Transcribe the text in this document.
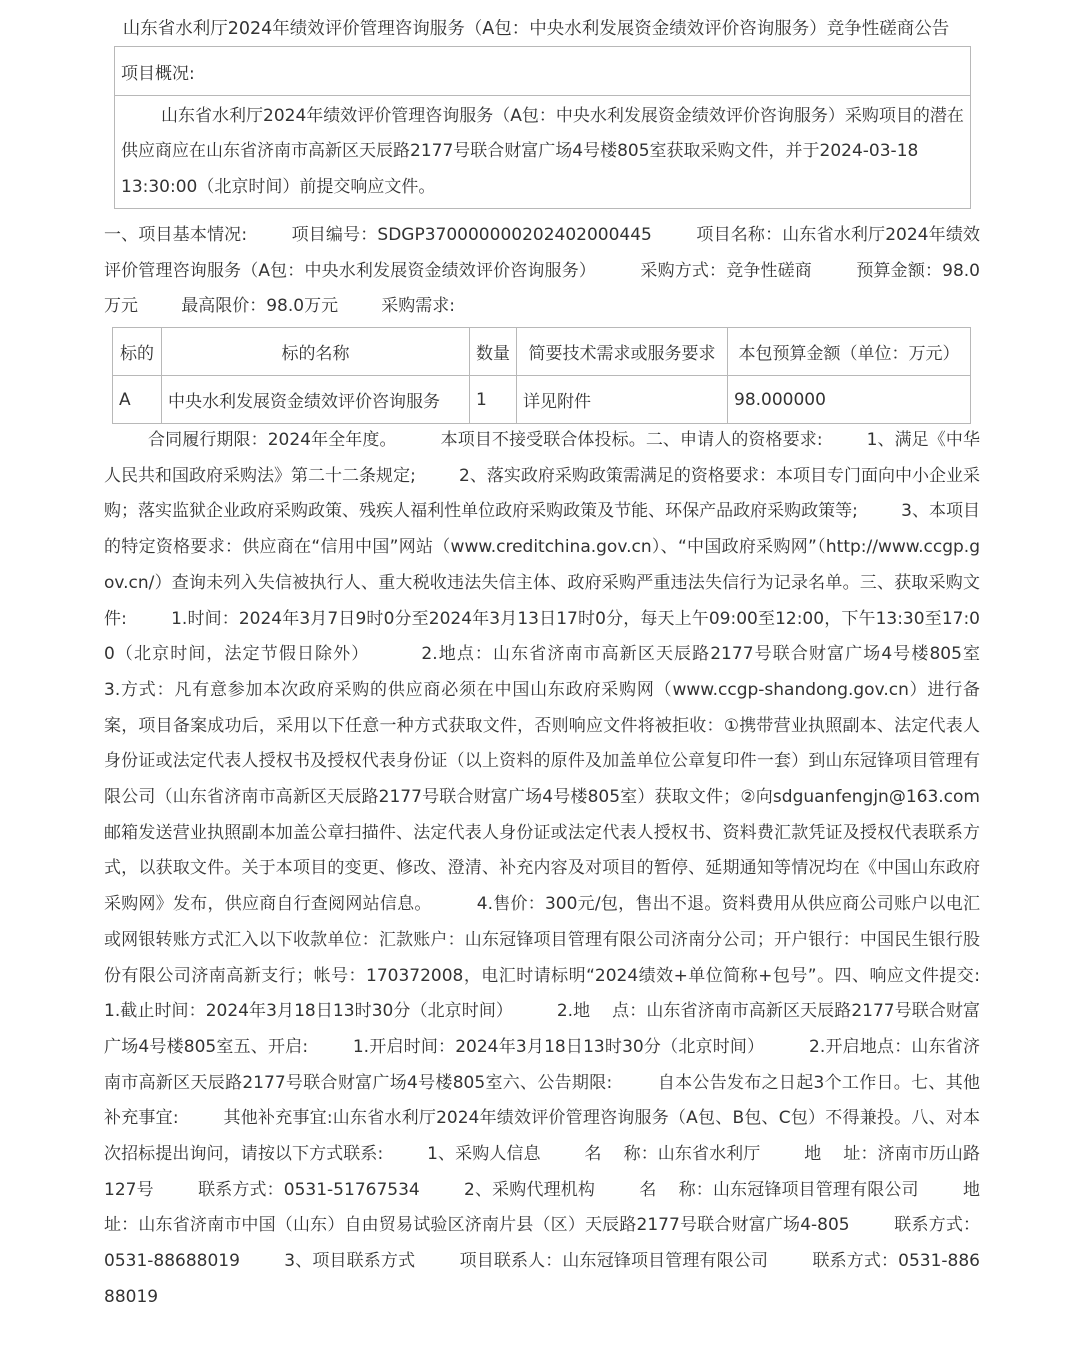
山东省水利厅2024年绩效评价管理咨询服务（A包：中央水利发展资金绩效评价咨询服务）竞争性磋商公告
项目概况:

山东省水利厅2024年绩效评价管理咨询服务（A包：中央水利发展资金绩效评价咨询服务）采购项目的潜在供应商应在山东省济南市高新区天辰路2177号联合财富广场4号楼805室获取采购文件，并于2024-03-18 13:30:00（北京时间）前提交响应文件。
一、项目基本情况:        项目编号：SDGP370000000202402000445        项目名称：山东省水利厅2024年绩效评价管理咨询服务（A包：中央水利发展资金绩效评价咨询服务）        采购方式：竞争性磋商        预算金额：98.0万元        最高限价：98.0万元        采购需求:
标的	标的名称	数量	简要技术需求或服务要求	本包预算金额（单位：万元）
A	中央水利发展资金绩效评价咨询服务	1	详见附件	98.000000
合同履行期限：2024年全年度。        本项目不接受联合体投标。二、申请人的资格要求:        1、满足《中华人民共和国政府采购法》第二十二条规定;        2、落实政府采购政策需满足的资格要求：本项目专门面向中小企业采购；落实监狱企业政府采购政策、残疾人福利性单位政府采购政策及节能、环保产品政府采购政策等;        3、本项目的特定资格要求：供应商在“信用中国”网站（www.creditchina.gov.cn）、“中国政府采购网”（http://www.ccgp.gov.cn/）查询未列入失信被执行人、重大税收违法失信主体、政府采购严重违法失信行为记录名单。三、获取采购文件:        1.时间：2024年3月7日9时0分至2024年3月13日17时0分，每天上午09:00至12:00，下午13:30至17:00（北京时间，法定节假日除外）        2.地点：山东省济南市高新区天辰路2177号联合财富广场4号楼805室        3.方式：凡有意参加本次政府采购的供应商必须在中国山东政府采购网（www.ccgp-shandong.gov.cn）进行备案，项目备案成功后，采用以下任意一种方式获取文件，否则响应文件将被拒收：①携带营业执照副本、法定代表人身份证或法定代表人授权书及授权代表身份证（以上资料的原件及加盖单位公章复印件一套）到山东冠锋项目管理有限公司（山东省济南市高新区天辰路2177号联合财富广场4号楼805室）获取文件；②向sdguanfengjn@163.com邮箱发送营业执照副本加盖公章扫描件、法定代表人身份证或法定代表人授权书、资料费汇款凭证及授权代表联系方式，以获取文件。关于本项目的变更、修改、澄清、补充内容及对项目的暂停、延期通知等情况均在《中国山东政府采购网》发布，供应商自行查阅网站信息。        4.售价：300元/包，售出不退。资料费用从供应商公司账户以电汇或网银转账方式汇入以下收款单位：汇款账户：山东冠锋项目管理有限公司济南分公司；开户银行：中国民生银行股份有限公司济南高新支行；帐号：170372008，电汇时请标明“2024绩效+单位简称+包号”。四、响应文件提交:        1.截止时间：2024年3月18日13时30分（北京时间）        2.地    点：山东省济南市高新区天辰路2177号联合财富广场4号楼805室五、开启:        1.开启时间：2024年3月18日13时30分（北京时间）        2.开启地点：山东省济南市高新区天辰路2177号联合财富广场4号楼805室六、公告期限:        自本公告发布之日起3个工作日。七、其他补充事宜:        其他补充事宜:山东省水利厅2024年绩效评价管理咨询服务（A包、B包、C包）不得兼投。八、对本次招标提出询问，请按以下方式联系:        1、采购人信息        名    称：山东省水利厅        地    址：济南市历山路127号        联系方式：0531-51767534        2、采购代理机构        名    称：山东冠锋项目管理有限公司        地    址：山东省济南市中国（山东）自由贸易试验区济南片县（区）天辰路2177号联合财富广场4-805        联系方式：0531-88688019        3、项目联系方式        项目联系人：山东冠锋项目管理有限公司        联系方式：0531-88688019
